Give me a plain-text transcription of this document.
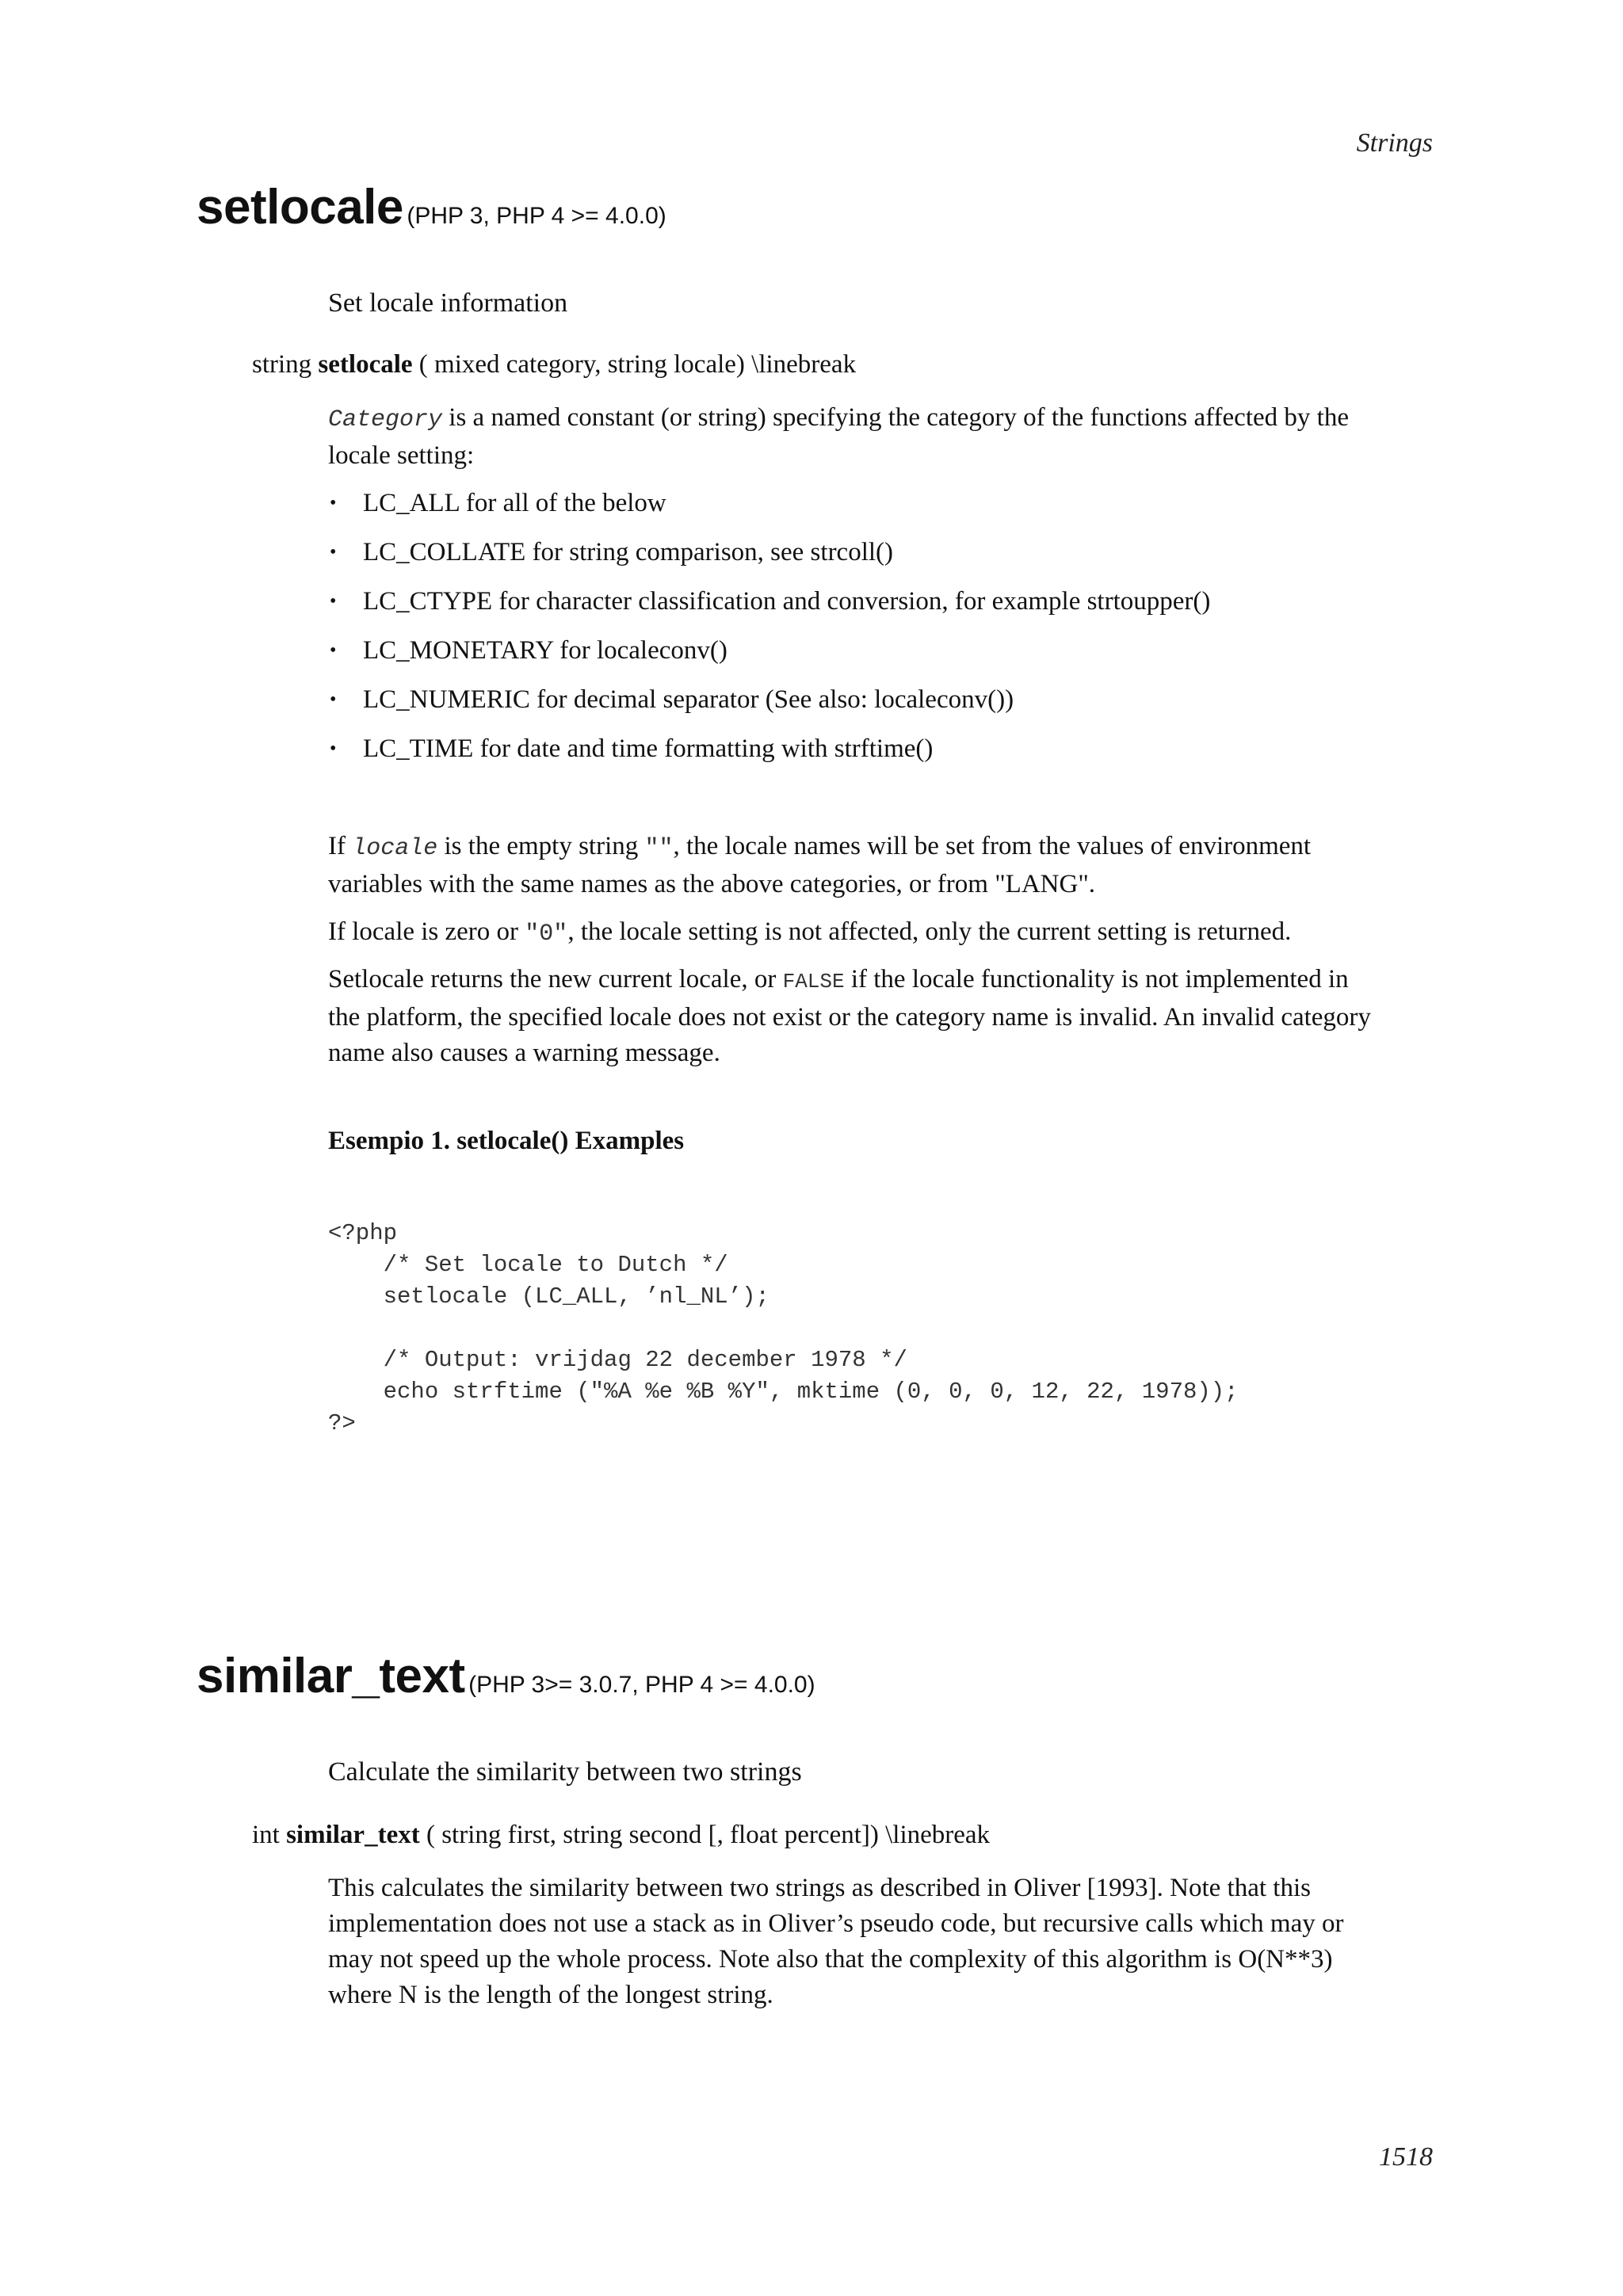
Strings
setlocale (PHP 3, PHP 4 >= 4.0.0)
Set locale information
string setlocale ( mixed category, string locale) \linebreak
Category is a named constant (or string) specifying the category of the functions affected by the
locale setting:
• LC_ALL for all of the below
• LC_COLLATE for string comparison, see strcoll()
• LC_CTYPE for character classification and conversion, for example strtoupper()
• LC_MONETARY for localeconv()
• LC_NUMERIC for decimal separator (See also: localeconv())
• LC_TIME for date and time formatting with strftime()
If locale is the empty string "", the locale names will be set from the values of environment
variables with the same names as the above categories, or from "LANG".
If locale is zero or "0", the locale setting is not affected, only the current setting is returned.
Setlocale returns the new current locale, or FALSE if the locale functionality is not implemented in
the platform, the specified locale does not exist or the category name is invalid. An invalid category
name also causes a warning message.
Esempio 1. setlocale() Examples
<?php
/* Set locale to Dutch */
setlocale (LC_ALL, ’nl_NL’);

/* Output: vrijdag 22 december 1978 */
echo strftime ("%A %e %B %Y", mktime (0, 0, 0, 12, 22, 1978));
?>
similar_text (PHP 3>= 3.0.7, PHP 4 >= 4.0.0)
Calculate the similarity between two strings
int similar_text ( string first, string second [, float percent]) \linebreak
This calculates the similarity between two strings as described in Oliver [1993]. Note that this
implementation does not use a stack as in Oliver’s pseudo code, but recursive calls which may or
may not speed up the whole process. Note also that the complexity of this algorithm is O(N**3)
where N is the length of the longest string.
1518
